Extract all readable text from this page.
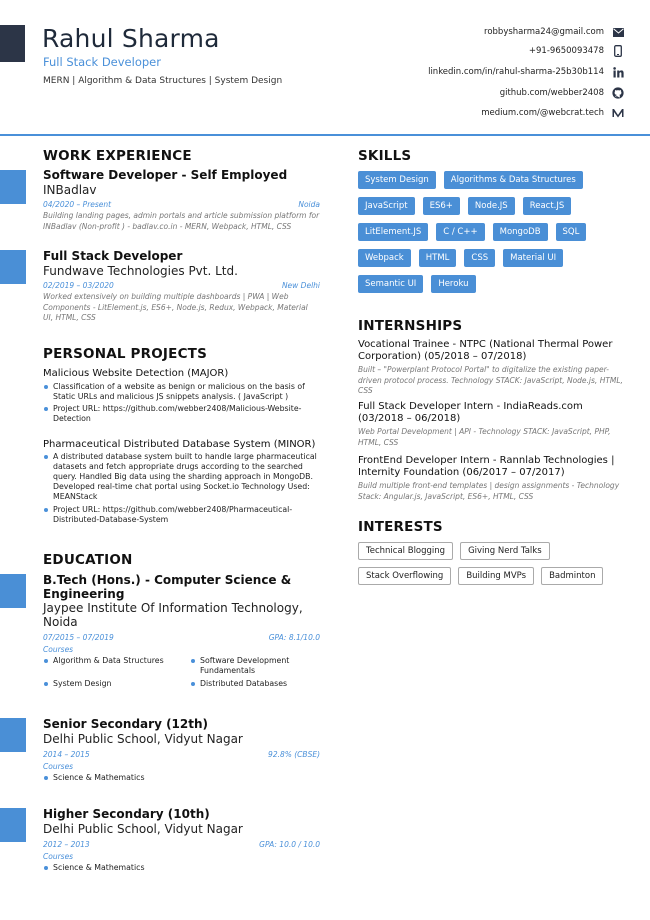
Rahul Sharma
Full Stack Developer
MERN | Algorithm & Data Structures | System Design
robbysharma24@gmail.com
+91-9650093478
linkedin.com/in/rahul-sharma-25b30b114
github.com/webber2408
medium.com/@webcrat.tech
WORK EXPERIENCE
Software Developer - Self Employed
INBadlav
04/2020 – Present	Noida
Building landing pages, admin portals and article submission platform for INBadlav (Non-profit ) - badlav.co.in - MERN, Webpack, HTML, CSS
Full Stack Developer
Fundwave Technologies Pvt. Ltd.
02/2019 – 03/2020	New Delhi
Worked extensively on building multiple dashboards | PWA | Web Components - LitElement.js, ES6+, Node.js, Redux, Webpack, Material UI, HTML, CSS
PERSONAL PROJECTS
Malicious Website Detection (MAJOR)
Classification of a website as benign or malicious on the basis of Static URLs and malicious JS snippets analysis. ( JavaScript )
Project URL: https://github.com/webber2408/Malicious-Website-Detection
Pharmaceutical Distributed Database System (MINOR)
A distributed database system built to handle large pharmaceutical datasets and fetch appropriate drugs according to the searched query. Handled Big data using the sharding approach in MongoDB. Developed real-time chat portal using Socket.io Technology Used: MEANStack
Project URL: https://github.com/webber2408/Pharmaceutical-Distributed-Database-System
EDUCATION
B.Tech (Hons.) - Computer Science & Engineering
Jaypee Institute Of Information Technology, Noida
07/2015 – 07/2019	GPA: 8.1/10.0
Courses
Algorithm & Data Structures	Software Development Fundamentals
System Design	Distributed Databases
Senior Secondary (12th)
Delhi Public School, Vidyut Nagar
2014 – 2015	92.8% (CBSE)
Courses
Science & Mathematics
Higher Secondary (10th)
Delhi Public School, Vidyut Nagar
2012 – 2013	GPA: 10.0 / 10.0
Courses
Science & Mathematics
SKILLS
System Design	Algorithms & Data Structures
JavaScript	ES6+	Node.JS	React.JS
LitElement.JS	C / C++	MongoDB	SQL
Webpack	HTML	CSS	Material UI
Semantic UI	Heroku
INTERNSHIPS
Vocational Trainee - NTPC (National Thermal Power Corporation) (05/2018 – 07/2018)
Built – "Powerplant Protocol Portal" to digitalize the existing paper-driven protocol process. Technology STACK: JavaScript, Node.js, HTML, CSS
Full Stack Developer Intern - IndiaReads.com (03/2018 – 06/2018)
Web Portal Development | API - Technology STACK: JavaScript, PHP, HTML, CSS
FrontEnd Developer Intern - Rannlab Technologies | Internity Foundation (06/2017 – 07/2017)
Build multiple front-end templates | design assignments - Technology Stack: Angular.js, JavaScript, ES6+, HTML, CSS
INTERESTS
Technical Blogging	Giving Nerd Talks
Stack Overflowing	Building MVPs	Badminton
